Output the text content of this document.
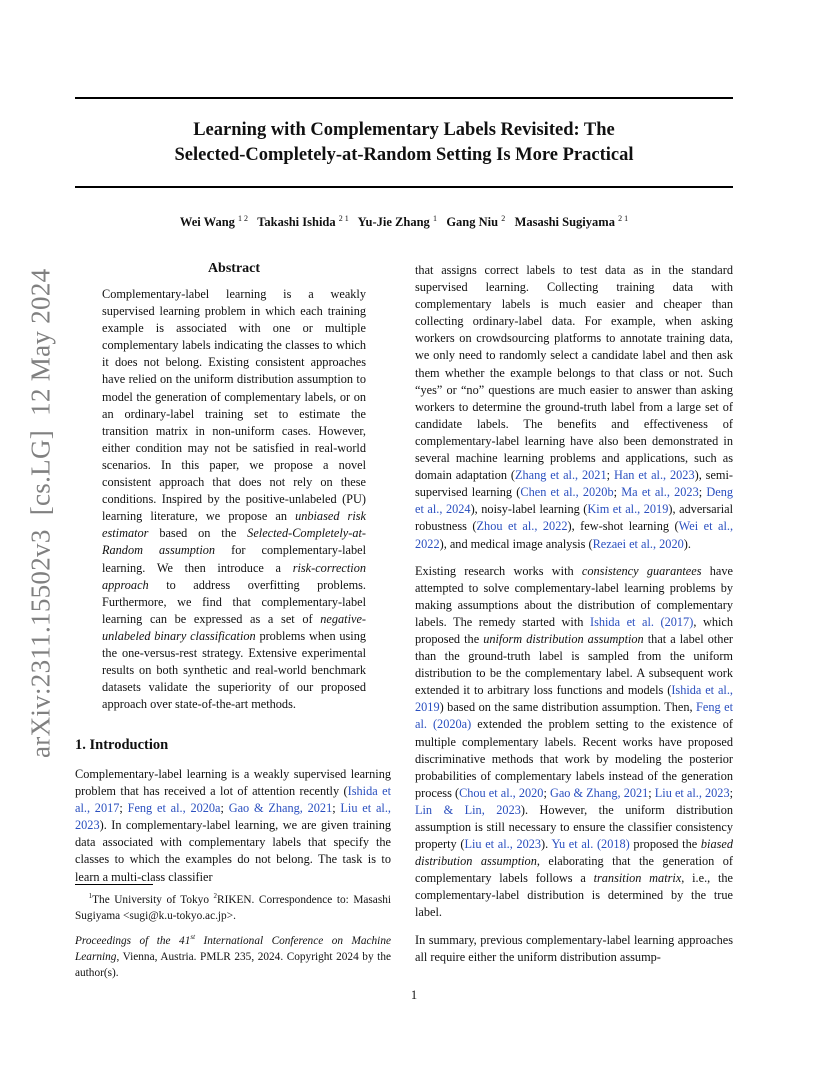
Learning with Complementary Labels Revisited: The
Selected-Completely-at-Random Setting Is More Practical
Wei Wang $^{1 2}$ Takashi Ishida $^{2 1}$ Yu-Jie Zhang $^1$ Gang Niu $^2$ Masashi Sugiyama $^{2 1}$
arXiv:2311.15502v3  [cs.LG]  12 May 2024
Abstract
Complementary-label learning is a weakly supervised learning problem in which each training example is associated with one or multiple complementary labels indicating the classes to which it does not belong. Existing consistent approaches have relied on the uniform distribution assumption to model the generation of complementary labels, or on an ordinary-label training set to estimate the transition matrix in non-uniform cases. However, either condition may not be satisfied in real-world scenarios. In this paper, we propose a novel consistent approach that does not rely on these conditions. Inspired by the positive-unlabeled (PU) learning literature, we propose an unbiased risk estimator based on the Selected-Completely-at-Random assumption for complementary-label learning. We then introduce a risk-correction approach to address overfitting problems. Furthermore, we find that complementary-label learning can be expressed as a set of negative-unlabeled binary classification problems when using the one-versus-rest strategy. Extensive experimental results on both synthetic and real-world benchmark datasets validate the superiority of our proposed approach over state-of-the-art methods.
1. Introduction
Complementary-label learning is a weakly supervised learning problem that has received a lot of attention recently (Ishida et al., 2017; Feng et al., 2020a; Gao & Zhang, 2021; Liu et al., 2023). In complementary-label learning, we are given training data associated with complementary labels that specify the classes to which the examples do not belong. The task is to learn a multi-class classifier
$^1$The University of Tokyo $^2$RIKEN. Correspondence to: Masashi Sugiyama <sugi@k.u-tokyo.ac.jp>.
Proceedings of the 41st International Conference on Machine Learning, Vienna, Austria. PMLR 235, 2024. Copyright 2024 by the author(s).

that assigns correct labels to test data as in the standard supervised learning. Collecting training data with complementary labels is much easier and cheaper than collecting ordinary-label data. For example, when asking workers on crowdsourcing platforms to annotate training data, we only need to randomly select a candidate label and then ask them whether the example belongs to that class or not. Such “yes” or “no” questions are much easier to answer than asking workers to determine the ground-truth label from a large set of candidate labels. The benefits and effectiveness of complementary-label learning have also been demonstrated in several machine learning problems and applications, such as domain adaptation (Zhang et al., 2021; Han et al., 2023), semi-supervised learning (Chen et al., 2020b; Ma et al., 2023; Deng et al., 2024), noisy-label learning (Kim et al., 2019), adversarial robustness (Zhou et al., 2022), few-shot learning (Wei et al., 2022), and medical image analysis (Rezaei et al., 2020).

Existing research works with consistency guarantees have attempted to solve complementary-label learning problems by making assumptions about the distribution of complementary labels. The remedy started with Ishida et al. (2017), which proposed the uniform distribution assumption that a label other than the ground-truth label is sampled from the uniform distribution to be the complementary label. A subsequent work extended it to arbitrary loss functions and models (Ishida et al., 2019) based on the same distribution assumption. Then, Feng et al. (2020a) extended the problem setting to the existence of multiple complementary labels. Recent works have proposed discriminative methods that work by modeling the posterior probabilities of complementary labels instead of the generation process (Chou et al., 2020; Gao & Zhang, 2021; Liu et al., 2023; Lin & Lin, 2023). However, the uniform distribution assumption is still necessary to ensure the classifier consistency property (Liu et al., 2023). Yu et al. (2018) proposed the biased distribution assumption, elaborating that the generation of complementary labels follows a transition matrix, i.e., the complementary-label distribution is determined by the true label.

In summary, previous complementary-label learning approaches all require either the uniform distribution assump-

1
